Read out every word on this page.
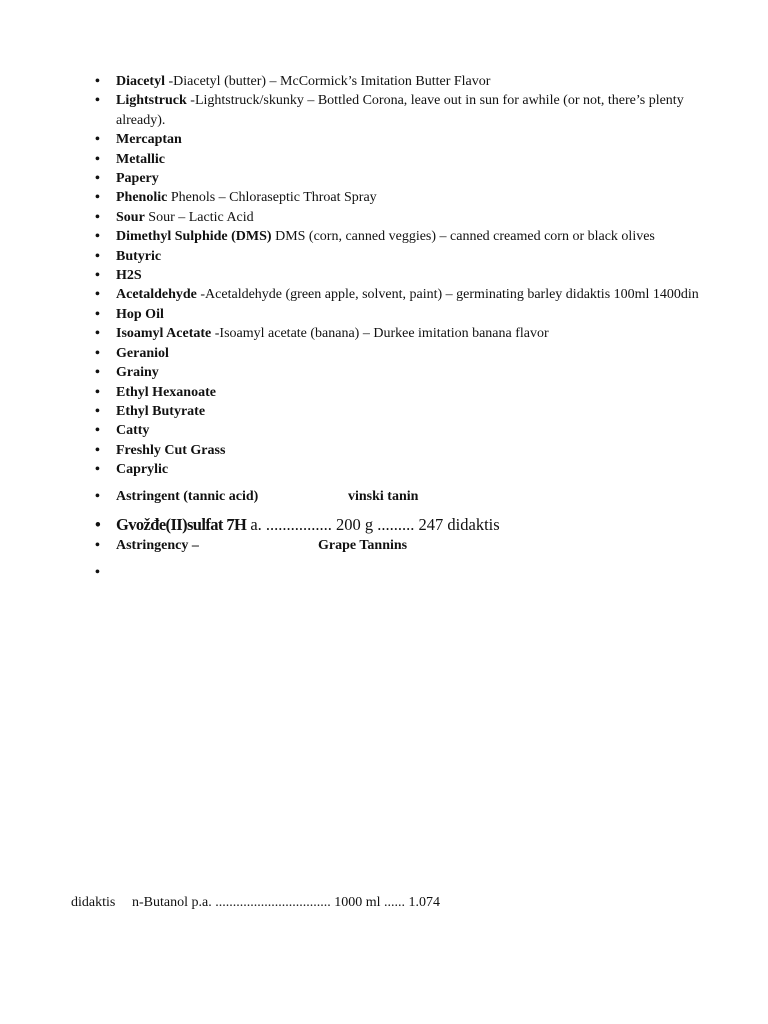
• Diacetyl -Diacetyl (butter) – McCormick’s Imitation Butter Flavor
• Lightstruck -Lightstruck/skunky – Bottled Corona, leave out in sun for awhile (or not, there’s plenty already).
• Mercaptan
• Metallic
• Papery
• Phenolic Phenols – Chloraseptic Throat Spray
• Sour Sour – Lactic Acid
• Dimethyl Sulphide (DMS) DMS (corn, canned veggies) – canned creamed corn or black olives
• Butyric
• H2S
• Acetaldehyde -Acetaldehyde (green apple, solvent, paint) – germinating barley didaktis 100ml 1400din
• Hop Oil
• Isoamyl Acetate -Isoamyl acetate (banana) – Durkee imitation banana flavor
• Geraniol
• Grainy
• Ethyl Hexanoate
• Ethyl Butyrate
• Catty
• Freshly Cut Grass
• Caprylic
• Astringent (tannic acid)	vinski tanin
• Gvožđe(II)sulfat 7H a. ................ 200 g ......... 247 didaktis
• Astringency –	Grape Tannins
•

didaktis n-Butanol p.a. ................................. 1000 ml ...... 1.074
